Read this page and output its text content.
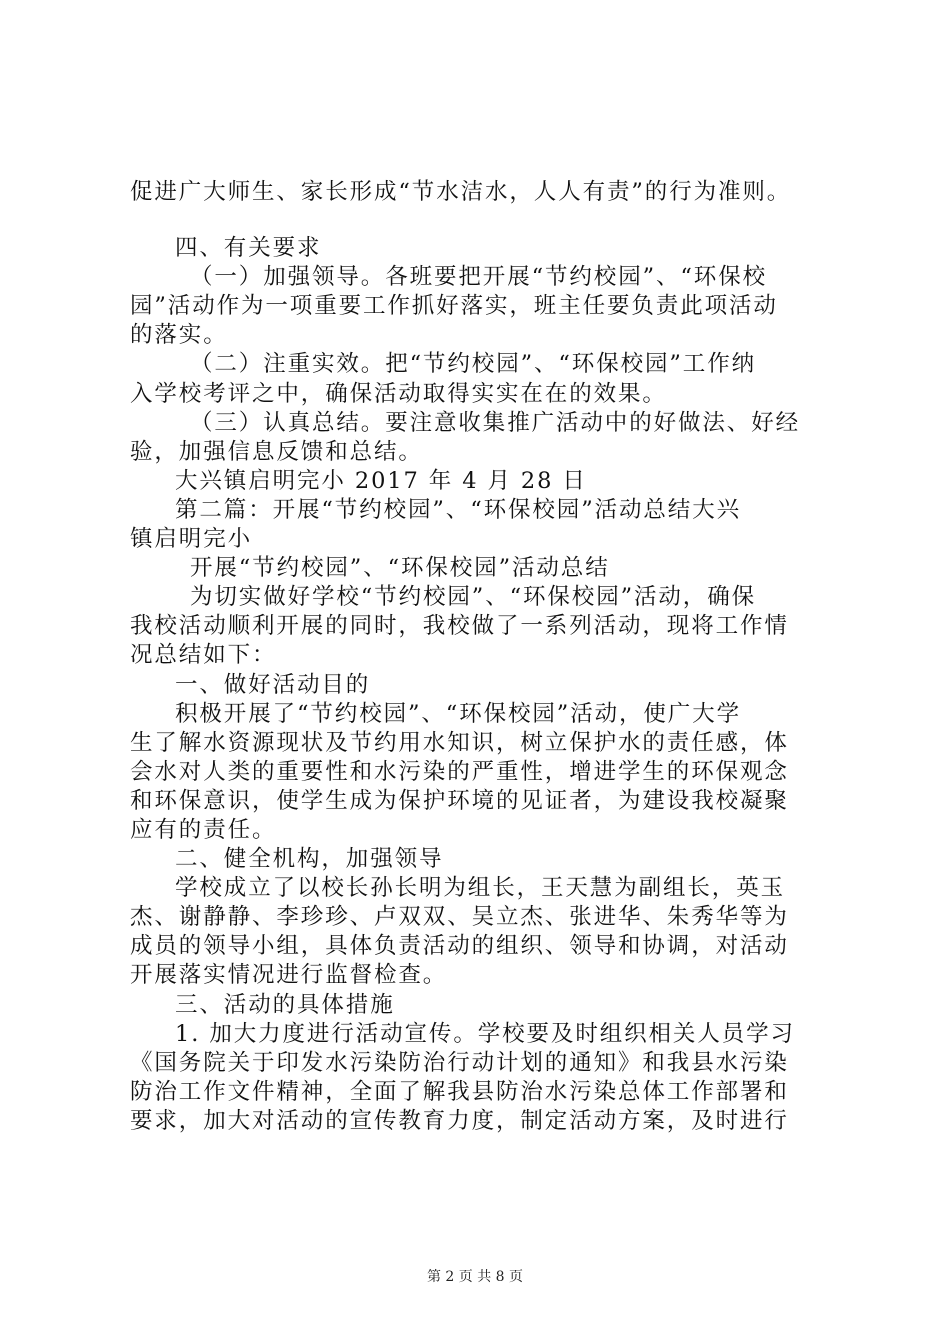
促进广大师生、家长形成“节水洁水，人人有责”的行为准则。
四、有关要求
（一）加强领导。各班要把开展“节约校园”、“环保校
园”活动作为一项重要工作抓好落实，班主任要负责此项活动
的落实。
（二）注重实效。把“节约校园”、“环保校园”工作纳
入学校考评之中，确保活动取得实实在在的效果。
（三）认真总结。要注意收集推广活动中的好做法、好经
验，加强信息反馈和总结。
大兴镇启明完小 2017 年 4 月 28 日
第二篇：开展“节约校园”、“环保校园”活动总结大兴
镇启明完小
开展“节约校园”、“环保校园”活动总结
为切实做好学校“节约校园”、“环保校园”活动，确保
我校活动顺利开展的同时，我校做了一系列活动，现将工作情
况总结如下：
一、做好活动目的
积极开展了“节约校园”、“环保校园”活动，使广大学
生了解水资源现状及节约用水知识，树立保护水的责任感，体
会水对人类的重要性和水污染的严重性，增进学生的环保观念
和环保意识，使学生成为保护环境的见证者，为建设我校凝聚
应有的责任。
二、健全机构，加强领导
学校成立了以校长孙长明为组长，王天慧为副组长，英玉
杰、谢静静、李珍珍、卢双双、吴立杰、张进华、朱秀华等为
成员的领导小组，具体负责活动的组织、领导和协调，对活动
开展落实情况进行监督检查。
三、活动的具体措施
1. 加大力度进行活动宣传。学校要及时组织相关人员学习
《国务院关于印发水污染防治行动计划的通知》和我县水污染
防治工作文件精神，全面了解我县防治水污染总体工作部署和
要求，加大对活动的宣传教育力度，制定活动方案，及时进行
第 2 页 共 8 页
